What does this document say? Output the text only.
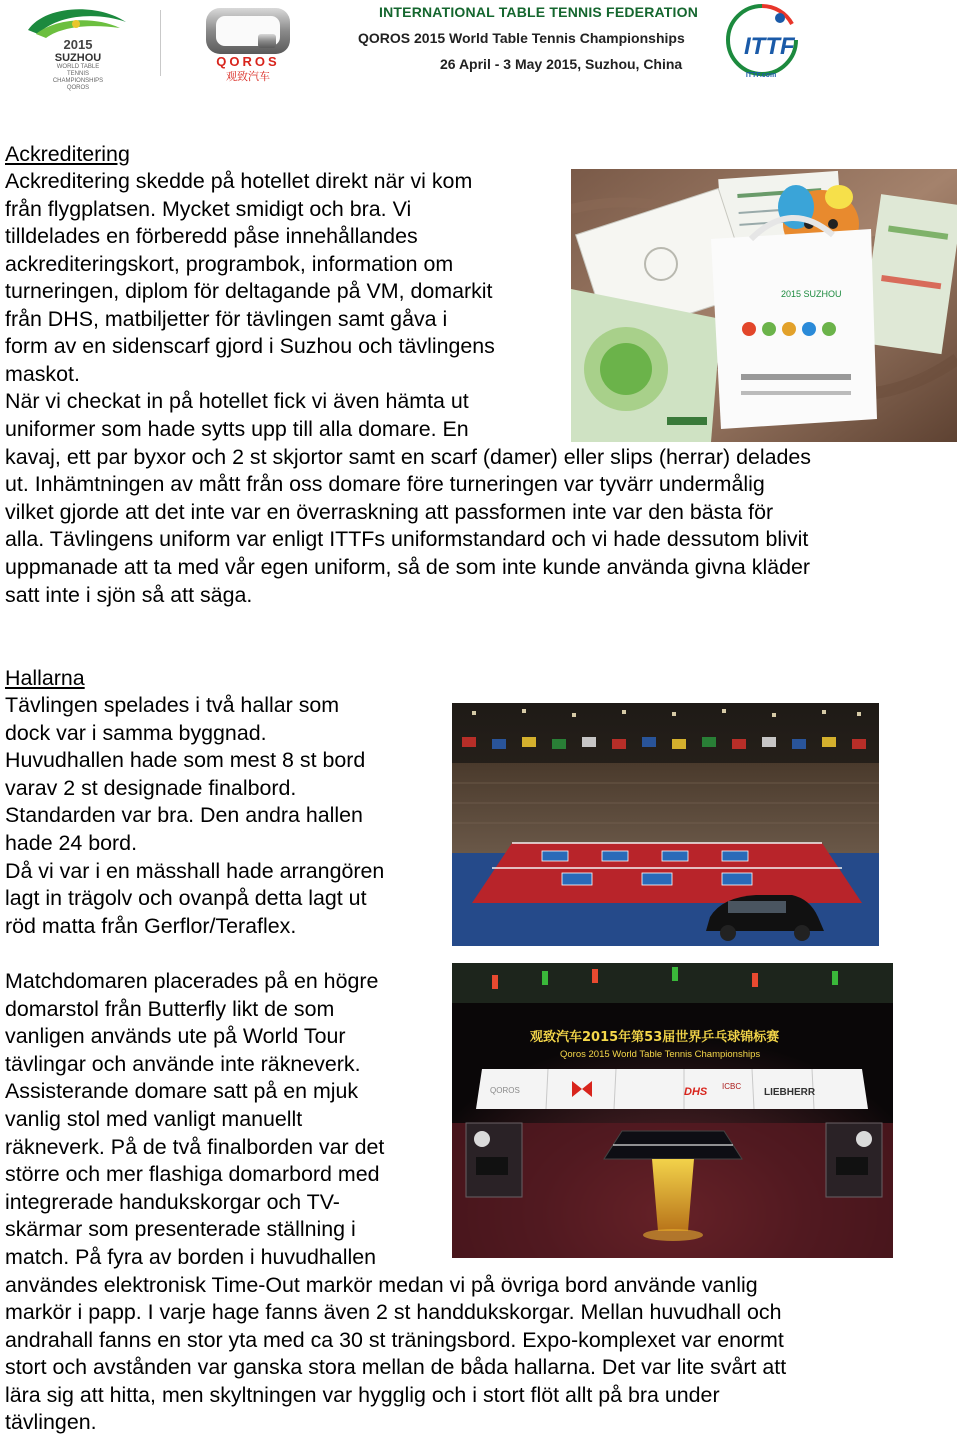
2015
SUZHOU
WORLD TABLE TENNIS
CHAMPIONSHIPS
QOROS
QOROS
观致汽车
INTERNATIONAL TABLE TENNIS FEDERATION
QOROS 2015 World Table Tennis Championships
26 April - 3 May 2015, Suzhou, China
ITTF
ITTF.com
Ackreditering
Ackreditering skedde på hotellet direkt när vi kom
från flygplatsen. Mycket smidigt och bra. Vi
tilldelades en förberedd påse innehållandes
ackrediteringskort, programbok, information om
turneringen, diplom för deltagande på VM, domarkit
från DHS, matbiljetter för tävlingen samt gåva i
form av en sidenscarf gjord i Suzhou och tävlingens
maskot.
När vi checkat in på hotellet fick vi även hämta ut
uniformer som hade sytts upp till alla domare. En
kavaj, ett par byxor och 2 st skjortor samt en scarf (damer) eller slips (herrar) delades
ut. Inhämtningen av mått från oss domare före turneringen var tyvärr undermålig
vilket gjorde att det inte var en överraskning att passformen inte var den bästa för
alla. Tävlingens uniform var enligt ITTFs uniformstandard och vi hade dessutom blivit
uppmanade att ta med vår egen uniform, så de som inte kunde använda givna kläder
satt inte i sjön så att säga.
2015 SUZHOU
Hallarna
Tävlingen spelades i två hallar som
dock var i samma byggnad.
Huvudhallen hade som mest 8 st bord
varav 2 st designade finalbord.
Standarden var bra. Den andra hallen
hade 24 bord.
Då vi var i en mässhall hade arrangören
lagt in trägolv och ovanpå detta lagt ut
röd matta från Gerflor/Teraflex.
Matchdomaren placerades på en högre
domarstol från Butterfly likt de som
vanligen används ute på World Tour
tävlingar och använde inte räkneverk.
Assisterande domare satt på en mjuk
vanlig stol med vanligt manuellt
räkneverk. På de två finalborden var det
större och mer flashiga domarbord med
integrerade handukskorgar och TV-
skärmar som presenterade ställning i
match. På fyra av borden i huvudhallen
användes elektronisk Time-Out markör medan vi på övriga bord använde vanlig
markör i papp. I varje hage fanns även 2 st handdukskorgar. Mellan huvudhall och
andrahall fanns en stor yta med ca 30 st träningsbord. Expo-komplexet var enormt
stort och avstånden var ganska stora mellan de båda hallarna. Det var lite svårt att
lära sig att hitta, men skyltningen var hygglig och i stort flöt allt på bra under
tävlingen.
观致汽车2015年第53届世界乒乓球锦标赛
Qoros 2015 World Table Tennis Championships
QOROS	DHS ICBC
LIEBHERR
